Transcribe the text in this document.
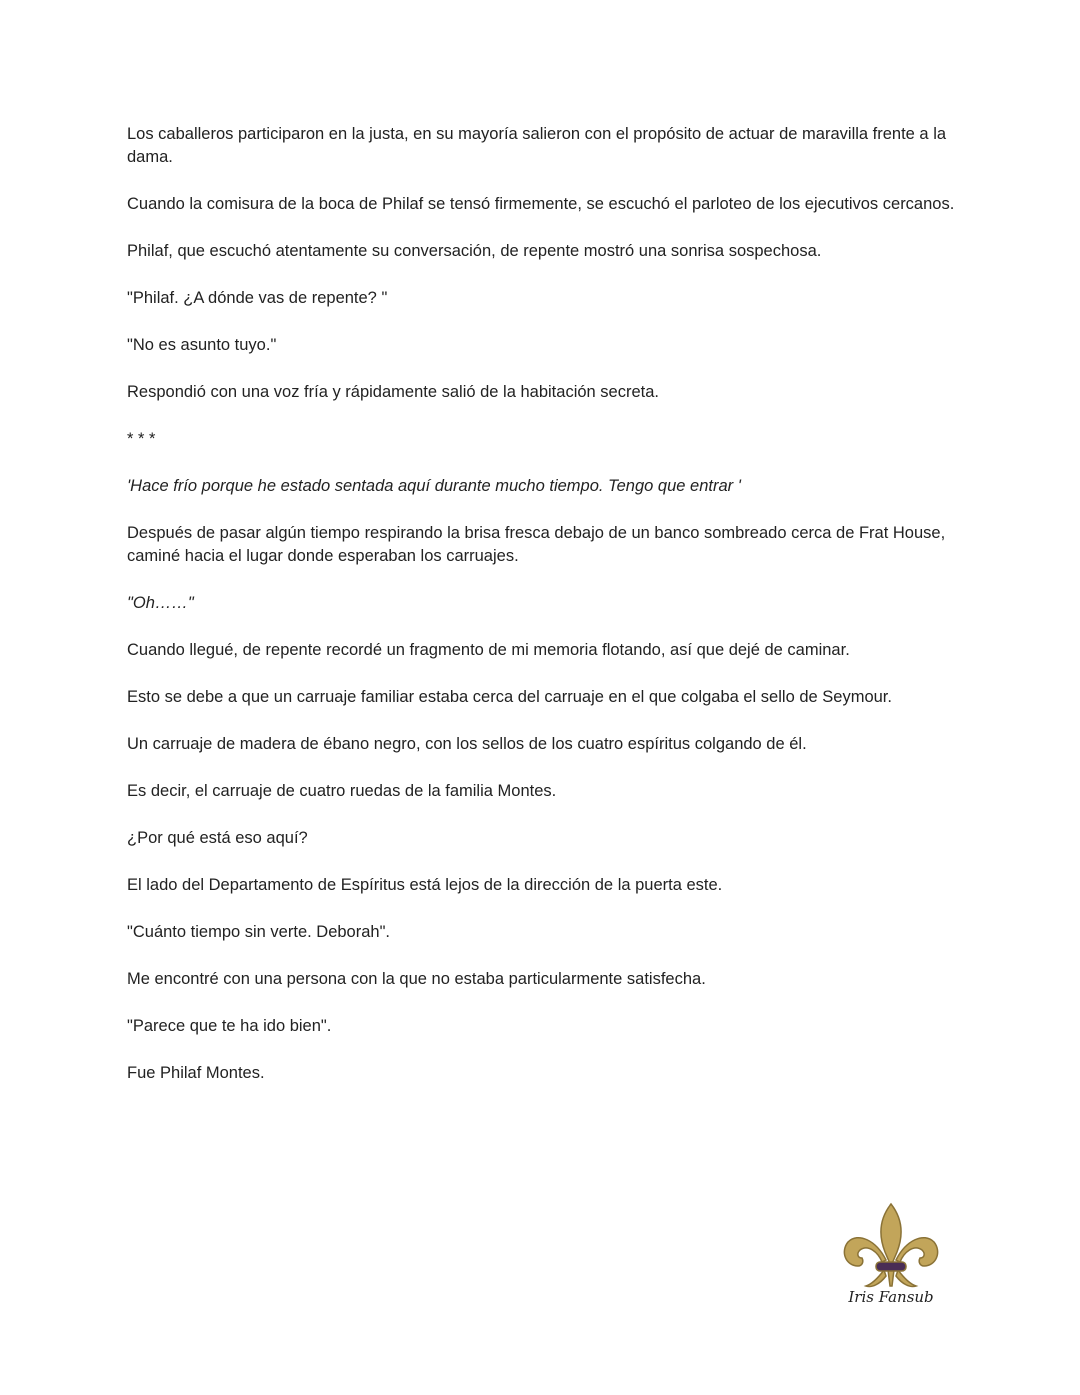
Los caballeros participaron en la justa, en su mayoría salieron con el propósito de actuar de maravilla frente a la dama.

Cuando la comisura de la boca de Philaf se tensó firmemente, se escuchó el parloteo de los ejecutivos cercanos.

Philaf, que escuchó atentamente su conversación, de repente mostró una sonrisa sospechosa.

"Philaf. ¿A dónde vas de repente? "

"No es asunto tuyo."

Respondió con una voz fría y rápidamente salió de la habitación secreta.

* * *

'Hace frío porque he estado sentada aquí durante mucho tiempo. Tengo que entrar '

Después de pasar algún tiempo respirando la brisa fresca debajo de un banco sombreado cerca de Frat House, caminé hacia el lugar donde esperaban los carruajes.

"Oh……"

Cuando llegué, de repente recordé un fragmento de mi memoria flotando, así que dejé de caminar.

Esto se debe a que un carruaje familiar estaba cerca del carruaje en el que colgaba el sello de Seymour.

Un carruaje de madera de ébano negro, con los sellos de los cuatro espíritus colgando de él.

Es decir, el carruaje de cuatro ruedas de la familia Montes.

¿Por qué está eso aquí?

El lado del Departamento de Espíritus está lejos de la dirección de la puerta este.

"Cuánto tiempo sin verte. Deborah".

Me encontré con una persona con la que no estaba particularmente satisfecha.

"Parece que te ha ido bien".

Fue Philaf Montes.

Iris Fansub
